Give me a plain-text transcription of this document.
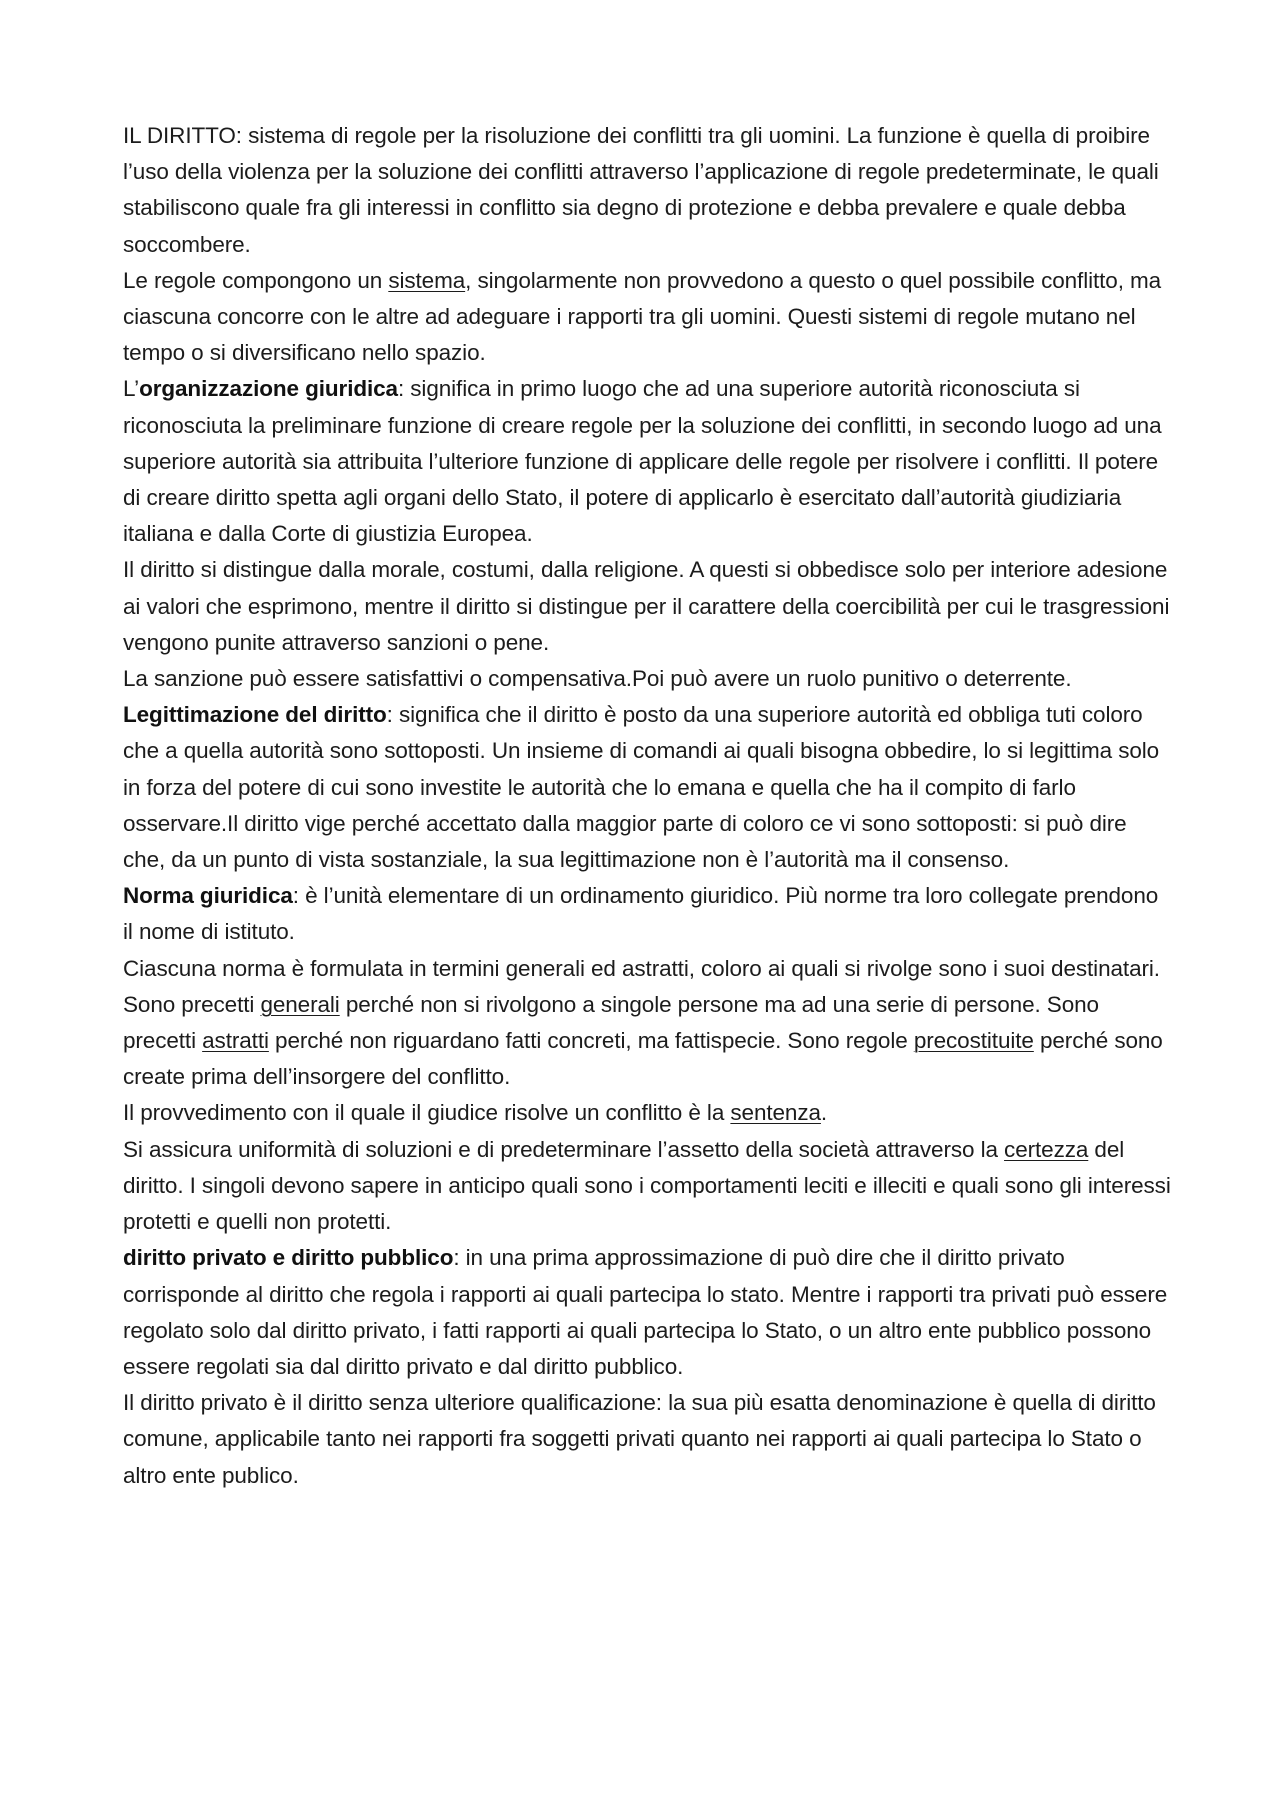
IL DIRITTO: sistema di regole per la risoluzione dei conflitti tra gli uomini. La funzione è quella di proibire l’uso della violenza per la soluzione dei conflitti attraverso l’applicazione di regole predeterminate, le quali stabiliscono quale fra gli interessi in conflitto sia degno di protezione e debba prevalere e quale debba soccombere.

Le regole compongono un sistema, singolarmente non provvedono a questo o quel possibile conflitto, ma ciascuna concorre con le altre ad adeguare i rapporti tra gli uomini. Questi sistemi di regole mutano nel tempo o si diversificano nello spazio.

L’organizzazione giuridica: significa in primo luogo che ad una superiore autorità riconosciuta si riconosciuta la preliminare funzione di creare regole per la soluzione dei conflitti, in secondo luogo ad una superiore autorità sia attribuita l’ulteriore funzione di applicare delle regole per risolvere i conflitti. Il potere di creare diritto spetta agli organi dello Stato, il potere di applicarlo è esercitato dall’autorità giudiziaria italiana e dalla Corte di giustizia Europea.

Il diritto si distingue dalla morale, costumi, dalla religione. A questi si obbedisce solo per interiore adesione ai valori che esprimono, mentre il diritto si distingue per il carattere della coercibilità per cui le trasgressioni vengono punite attraverso sanzioni o pene.

La sanzione può essere satisfattivi o compensativa.Poi può avere un ruolo punitivo o deterrente.

Legittimazione del diritto: significa che il diritto è posto da una superiore autorità ed obbliga tuti coloro che a quella autorità sono sottoposti. Un insieme di comandi ai quali bisogna obbedire, lo si legittima solo in forza del potere di cui sono investite le autorità che lo emana e quella che ha il compito di farlo osservare.Il diritto vige perché accettato dalla maggior parte di coloro ce vi sono sottoposti: si può dire che, da un punto di vista sostanziale, la sua legittimazione non è l’autorità ma il consenso.

Norma giuridica: è l’unità elementare di un ordinamento giuridico. Più norme tra loro collegate prendono il nome di istituto.

Ciascuna norma è formulata in termini generali ed astratti, coloro ai quali si rivolge sono i suoi destinatari. Sono precetti generali perché non si rivolgono a singole persone ma ad una serie di persone. Sono precetti astratti perché non riguardano fatti concreti, ma fattispecie. Sono regole precostituite perché sono create prima dell’insorgere del conflitto.

Il provvedimento con il quale il giudice risolve un conflitto è la sentenza.

Si assicura uniformità di soluzioni e di predeterminare l’assetto della società attraverso la certezza del diritto. I singoli devono sapere in anticipo quali sono i comportamenti leciti e illeciti e quali sono gli interessi protetti e quelli non protetti.

diritto privato e diritto pubblico: in una prima approssimazione di può dire che il diritto privato corrisponde al diritto che regola i rapporti ai quali partecipa lo stato. Mentre i rapporti tra privati può essere regolato solo dal diritto privato, i fatti rapporti ai quali partecipa lo Stato, o un altro ente pubblico possono essere regolati sia dal diritto privato e dal diritto pubblico.

Il diritto privato è il diritto senza ulteriore qualificazione: la sua più esatta denominazione è quella di diritto comune, applicabile tanto nei rapporti fra soggetti privati quanto nei rapporti ai quali partecipa lo Stato o altro ente publico.
